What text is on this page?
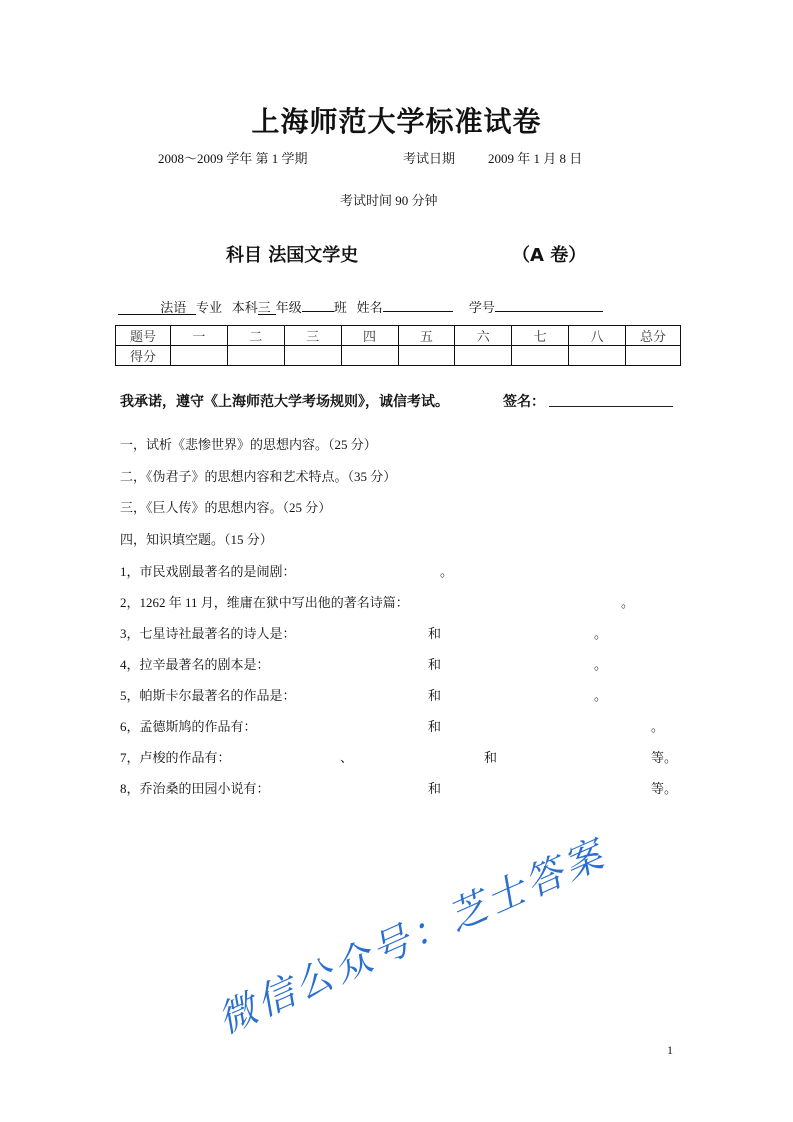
上海师范大学标准试卷
2008～2009 学年 第 1 学期	考试日期	2009 年 1 月 8 日
考试时间 90 分钟
科目 法国文学史	（A 卷）
法语 专业 本科三 年级 班 姓名	学号
题号	一	二	三	四	五	六	七	八	总分
得分									
我承诺，遵守《上海师范大学考场规则》，诚信考试。	签名：
一，试析《悲惨世界》的思想内容。（25 分）
二，《伪君子》的思想内容和艺术特点。（35 分）
三，《巨人传》的思想内容。（25 分）
四，知识填空题。（15 分）
1，市民戏剧最著名的是闹剧：	。
2，1262 年 11 月，维庸在狱中写出他的著名诗篇：	。
3，七星诗社最著名的诗人是：	和	。
4，拉辛最著名的剧本是：	和	。
5，帕斯卡尔最著名的作品是：	和	。
6，孟德斯鸠的作品有：	和	。
7，卢梭的作品有：	、	和	等。
8，乔治桑的田园小说有：	和	等。
微信公众号：芝士答案
1
